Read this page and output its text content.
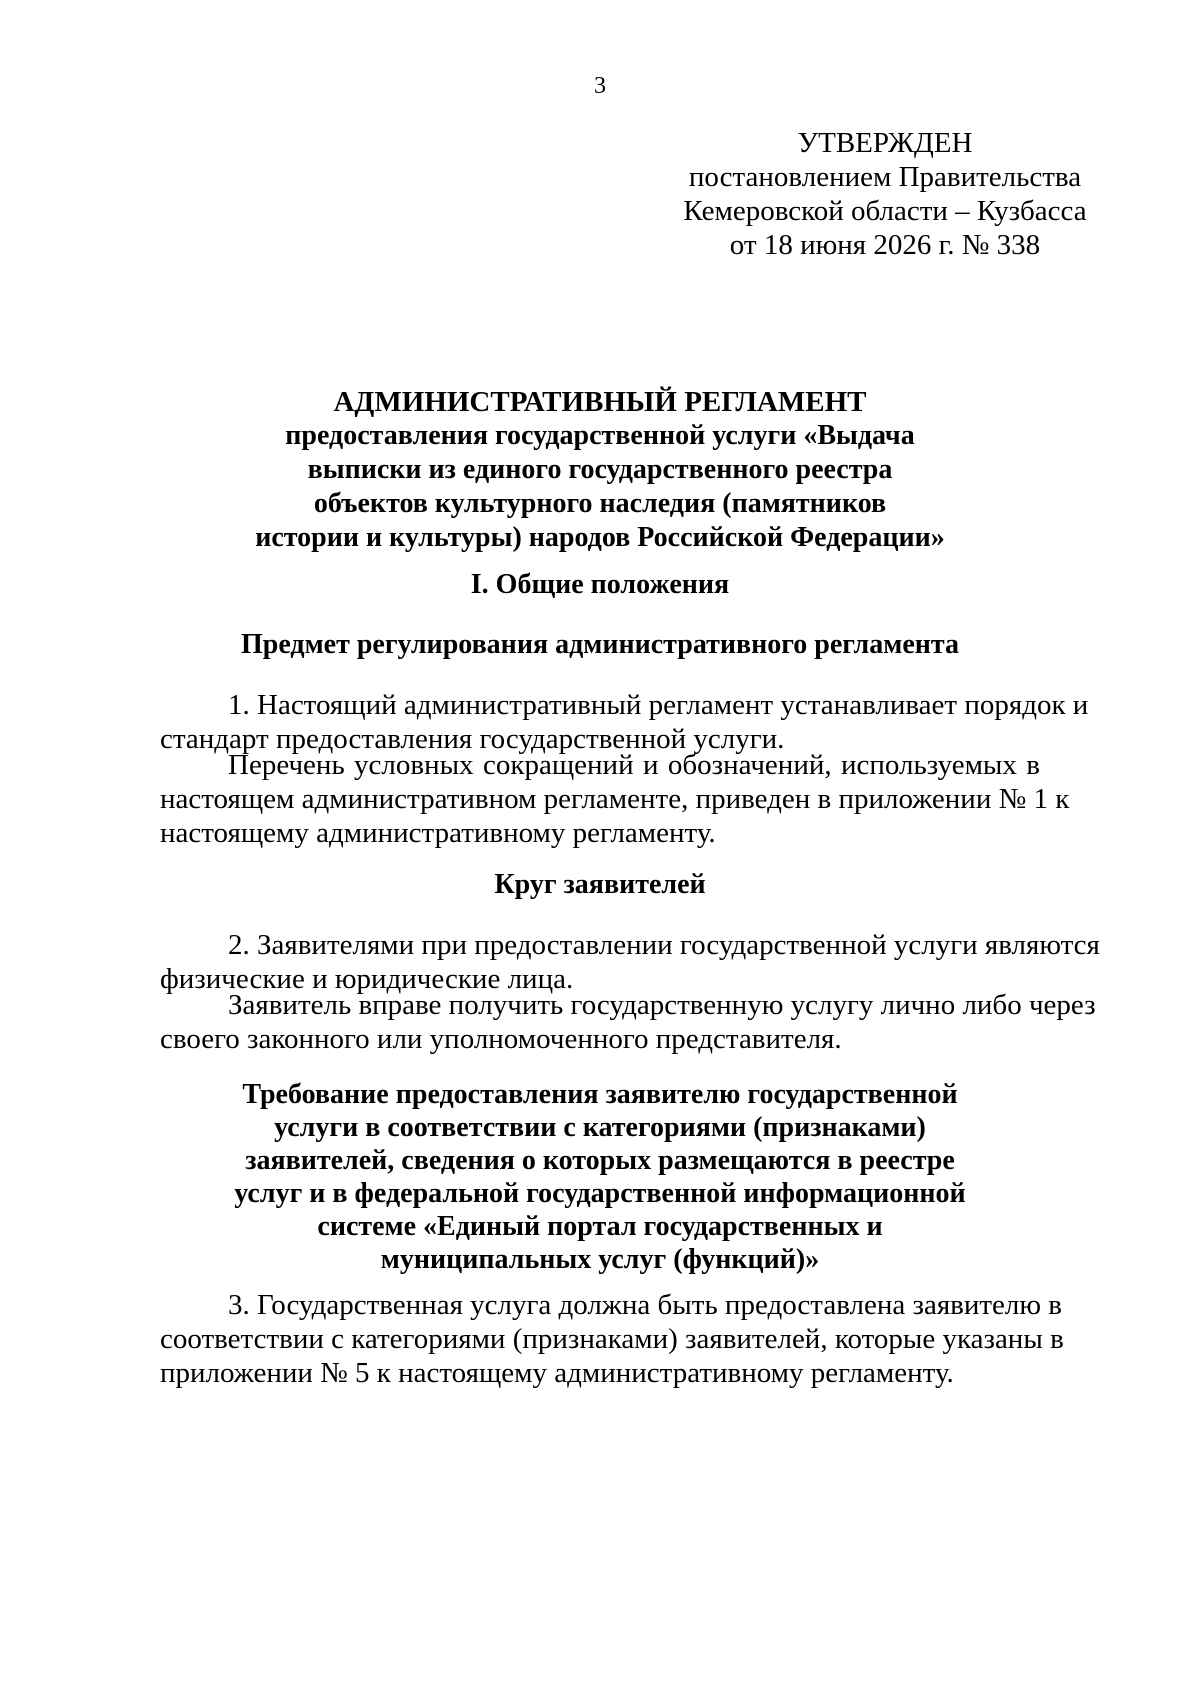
3
УТВЕРЖДЕН
постановлением Правительства
Кемеровской области – Кузбасса
от 18 июня 2026 г. № 338
АДМИНИСТРАТИВНЫЙ РЕГЛАМЕНТ
предоставления государственной услуги «Выдача
выписки из единого государственного реестра
объектов культурного наследия (памятников
истории и культуры) народов Российской Федерации»
I. Общие положения
Предмет регулирования административного регламента
1. Настоящий административный регламент устанавливает порядок и
стандарт предоставления государственной услуги.
Перечень условных сокращений и обозначений, используемых в
настоящем административном регламенте, приведен в приложении № 1 к
настоящему административному регламенту.
Круг заявителей
2. Заявителями при предоставлении государственной услуги являются
физические и юридические лица.
Заявитель вправе получить государственную услугу лично либо через
своего законного или уполномоченного представителя.
Требование предоставления заявителю государственной
услуги в соответствии с категориями (признаками)
заявителей, сведения о которых размещаются в реестре
услуг и в федеральной государственной информационной
системе «Единый портал государственных и
муниципальных услуг (функций)»
3. Государственная услуга должна быть предоставлена заявителю в
соответствии с категориями (признаками) заявителей, которые указаны в
приложении № 5 к настоящему административному регламенту.
